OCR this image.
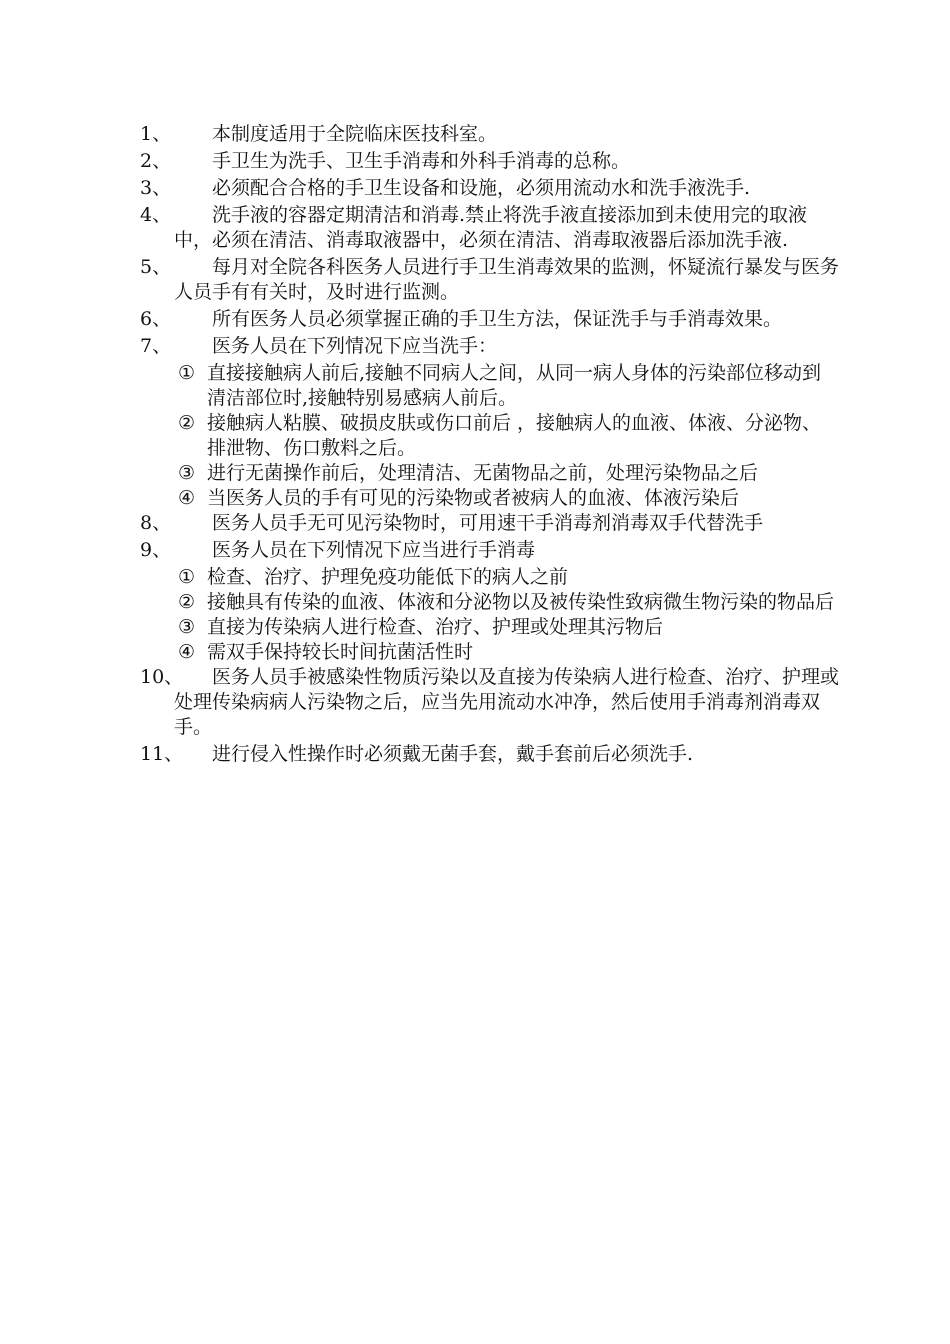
1、	本制度适用于全院临床医技科室。
2、	手卫生为洗手、卫生手消毒和外科手消毒的总称。
3、	必须配合合格的手卫生设备和设施，必须用流动水和洗手液洗手.
4、	洗手液的容器定期清洁和消毒.禁止将洗手液直接添加到未使用完的取液中，必须在清洁、消毒取液器中，必须在清洁、消毒取液器后添加洗手液.
5、	每月对全院各科医务人员进行手卫生消毒效果的监测，怀疑流行暴发与医务人员手有有关时，及时进行监测。
6、	所有医务人员必须掌握正确的手卫生方法，保证洗手与手消毒效果。
7、	医务人员在下列情况下应当洗手：
① 直接接触病人前后,接触不同病人之间，从同一病人身体的污染部位移动到清洁部位时,接触特别易感病人前后。
② 接触病人粘膜、破损皮肤或伤口前后 ，接触病人的血液、体液、分泌物、排泄物、伤口敷料之后。
③ 进行无菌操作前后，处理清洁、无菌物品之前，处理污染物品之后
④ 当医务人员的手有可见的污染物或者被病人的血液、体液污染后
8、	医务人员手无可见污染物时，可用速干手消毒剂消毒双手代替洗手
9、	医务人员在下列情况下应当进行手消毒
① 检查、治疗、护理免疫功能低下的病人之前
② 接触具有传染的血液、体液和分泌物以及被传染性致病微生物污染的物品后
③ 直接为传染病人进行检查、治疗、护理或处理其污物后
④ 需双手保持较长时间抗菌活性时
10、	医务人员手被感染性物质污染以及直接为传染病人进行检查、治疗、护理或处理传染病病人污染物之后，应当先用流动水冲净，然后使用手消毒剂消毒双手。
11、	进行侵入性操作时必须戴无菌手套，戴手套前后必须洗手.
